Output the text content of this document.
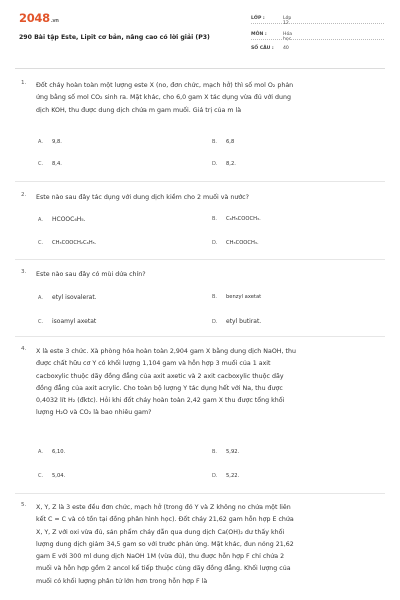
2048.vn
290 Bài tập Este, Lipit cơ bản, nâng cao có lời giải (P3)
LỚP :	Lớp 12
MÔN :	Hóa học
SỐ CÂU :	40
1. Đốt cháy hoàn toàn một lượng este X (no, đơn chức, mạch hở) thì số mol O₂ phản
ứng bằng số mol CO₂ sinh ra. Mặt khác, cho 6,0 gam X tác dụng vừa đủ với dung
dịch KOH, thu được dung dịch chứa m gam muối. Giá trị của m là
A. 9,8.	B. 6,8
C. 8,4.	D. 8,2.
2. Este nào sau đây tác dụng với dung dịch kiềm cho 2 muối và nước?
A. HCOOC₆H₅.	B. C₆H₅COOCH₃.
C. CH₃COOCH₂C₆H₅.	D. CH₃COOCH₃.
3. Este nào sau đây có mùi dứa chín?
A. etyl isovalerat.	B. benzyl axetat
C. isoamyl axetat	D. etyl butirat.
4. X là este 3 chức. Xà phòng hóa hoàn toàn 2,904 gam X bằng dung dịch NaOH, thu
được chất hữu cơ Y có khối lượng 1,104 gam và hỗn hợp 3 muối của 1 axit
cacboxylic thuộc dãy đồng đẳng của axit axetic và 2 axit cacboxylic thuộc dãy
đồng đẳng của axit acrylic. Cho toàn bộ lượng Y tác dụng hết với Na, thu được
0,4032 lít H₂ (đktc). Hỏi khi đốt cháy hoàn toàn 2,42 gam X thu được tổng khối
lượng H₂O và CO₂ là bao nhiêu gam?
A. 6,10.	B. 5,92.
C. 5,04.	D. 5,22.
5. X, Y, Z là 3 este đều đơn chức, mạch hở (trong đó Y và Z không no chứa một liên
kết C = C và có tồn tại đồng phân hình học). Đốt cháy 21,62 gam hỗn hợp E chứa
X, Y, Z với oxi vừa đủ, sản phẩm cháy dẫn qua dung dịch Ca(OH)₂ dư thấy khối
lượng dung dịch giảm 34,5 gam so với trước phản ứng. Mặt khác, đun nóng 21,62
gam E với 300 ml dung dịch NaOH 1M (vừa đủ), thu được hỗn hợp F chỉ chứa 2
muối và hỗn hợp gồm 2 ancol kế tiếp thuộc cùng dãy đồng đẳng. Khối lượng của
muối có khối lượng phân tử lớn hơn trong hỗn hợp F là
